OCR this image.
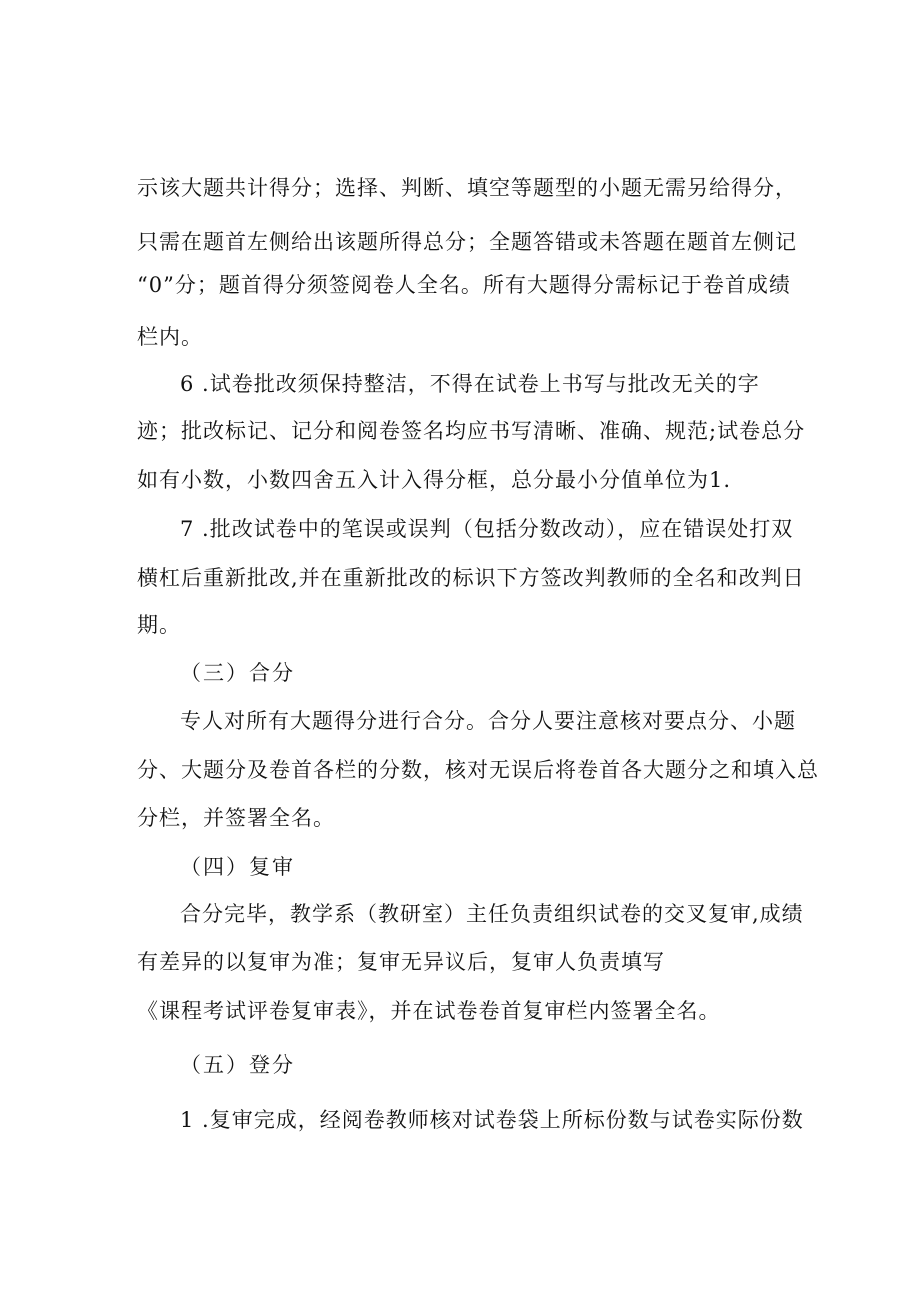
示该大题共计得分；选择、判断、填空等题型的小题无需另给得分，
只需在题首左侧给出该题所得总分；全题答错或未答题在题首左侧记
“0”分；题首得分须签阅卷人全名。所有大题得分需标记于卷首成绩
栏内。
6 .试卷批改须保持整洁，不得在试卷上书写与批改无关的字
迹；批改标记、记分和阅卷签名均应书写清晰、准确、规范;试卷总分
如有小数，小数四舍五入计入得分框，总分最小分值单位为1.
7 .批改试卷中的笔误或误判（包括分数改动），应在错误处打双
横杠后重新批改,并在重新批改的标识下方签改判教师的全名和改判日
期。
（三）合分
专人对所有大题得分进行合分。合分人要注意核对要点分、小题
分、大题分及卷首各栏的分数，核对无误后将卷首各大题分之和填入总
分栏，并签署全名。
（四）复审
合分完毕，教学系（教研室）主任负责组织试卷的交叉复审,成绩
有差异的以复审为准；复审无异议后，复审人负责填写
《课程考试评卷复审表》，并在试卷卷首复审栏内签署全名。
（五）登分
1 .复审完成，经阅卷教师核对试卷袋上所标份数与试卷实际份数
